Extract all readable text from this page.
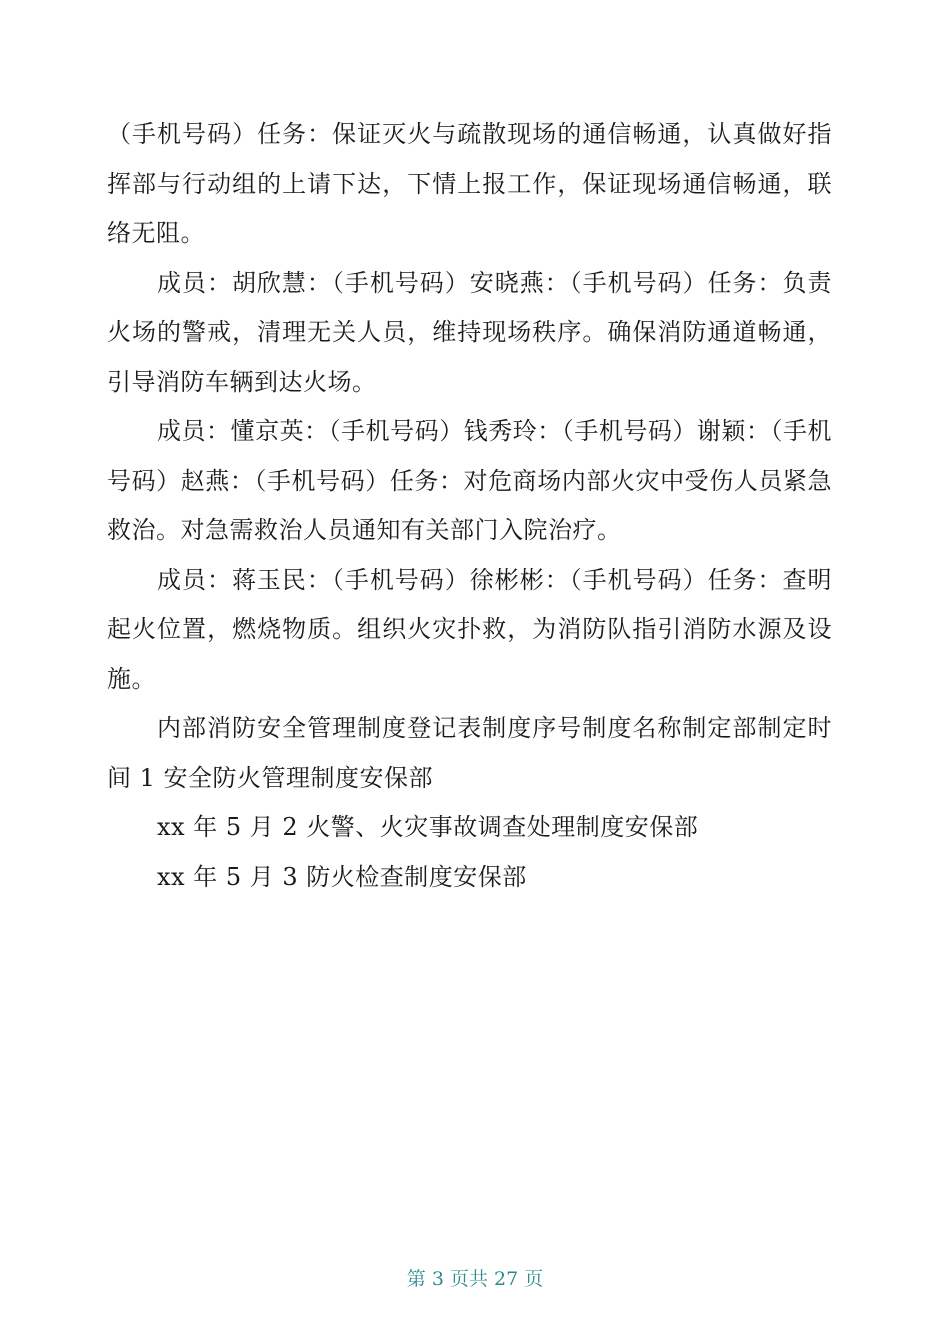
（手机号码）任务：保证灭火与疏散现场的通信畅通，认真做好指挥部与行动组的上请下达，下情上报工作，保证现场通信畅通，联络无阻。

成员：胡欣慧：（手机号码）安晓燕：（手机号码）任务：负责火场的警戒，清理无关人员，维持现场秩序。确保消防通道畅通，引导消防车辆到达火场。

成员：懂京英：（手机号码）钱秀玲：（手机号码）谢颖：（手机号码）赵燕：（手机号码）任务：对危商场内部火灾中受伤人员紧急救治。对急需救治人员通知有关部门入院治疗。

成员：蒋玉民：（手机号码）徐彬彬：（手机号码）任务：查明起火位置，燃烧物质。组织火灾扑救，为消防队指引消防水源及设施。

内部消防安全管理制度登记表制度序号制度名称制定部制定时间 1 安全防火管理制度安保部

xx 年 5 月 2 火警、火灾事故调查处理制度安保部

xx 年 5 月 3 防火检查制度安保部

第 3 页共 27 页
